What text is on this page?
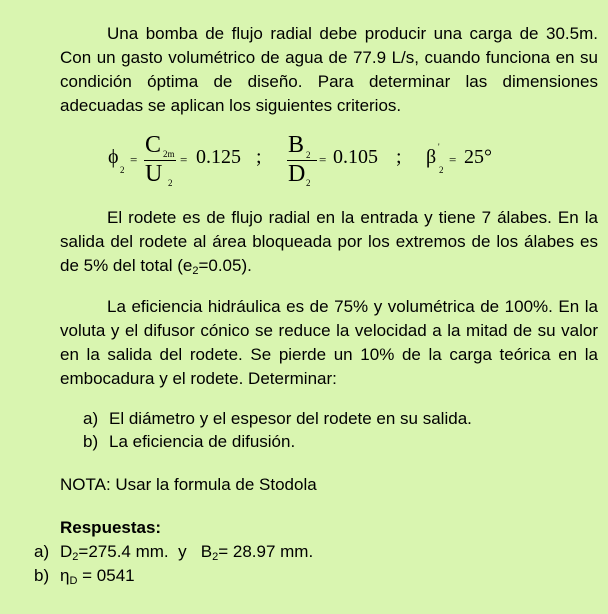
Una bomba de flujo radial debe producir una carga de 30.5m. Con un gasto volumétrico de agua de 77.9 L/s, cuando funciona en su condición óptima de diseño. Para determinar las dimensiones adecuadas se aplican los siguientes criterios.

ϕ
2
=
C 2m
U 2
= 0.125 ; B 2
D 2
= 0.105 ; β '
2
= 25°

El rodete es de flujo radial en la entrada y tiene 7 álabes. En la salida del rodete al área bloqueada por los extremos de los álabes es de 5% del total $(e_2=0.05)$.

La eficiencia hidráulica es de 75% y volumétrica de 100%. En la voluta y el difusor cónico se reduce la velocidad a la mitad de su valor en la salida del rodete. Se pierde un 10% de la carga teórica en la embocadura y el rodete. Determinar:

a) El diámetro y el espesor del rodete en su salida.
b) La eficiencia de difusión.
NOTA: Usar la formula de Stodola
Respuestas:
a) $D_2=275.4$ mm.  y   $B_2= 28.97$ mm.
b) $\eta_D = 0541$
